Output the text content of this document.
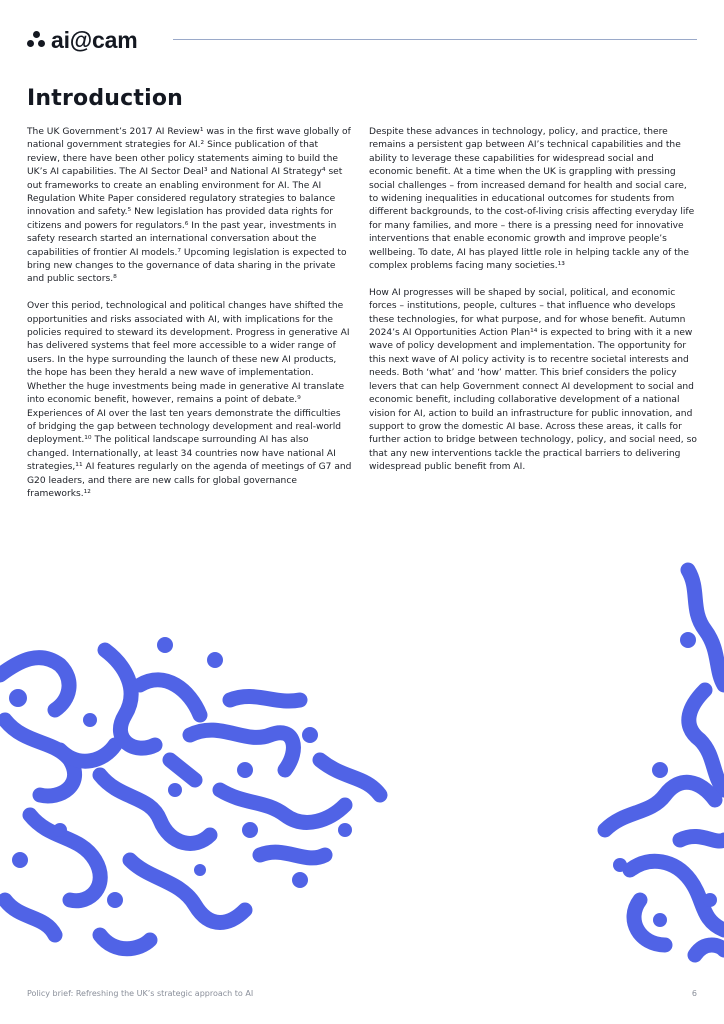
ai@cam
Introduction

The UK Government’s 2017 AI Review¹ was in the first wave globally of national government strategies for AI.² Since publication of that review, there have been other policy statements aiming to build the UK’s AI capabilities. The AI Sector Deal³ and National AI Strategy⁴ set out frameworks to create an enabling environment for AI. The AI Regulation White Paper considered regulatory strategies to balance innovation and safety.⁵ New legislation has provided data rights for citizens and powers for regulators.⁶ In the past year, investments in safety research started an international conversation about the capabilities of frontier AI models.⁷ Upcoming legislation is expected to bring new changes to the governance of data sharing in the private and public sectors.⁸

Over this period, technological and political changes have shifted the opportunities and risks associated with AI, with implications for the policies required to steward its development. Progress in generative AI has delivered systems that feel more accessible to a wider range of users. In the hype surrounding the launch of these new AI products, the hope has been they herald a new wave of implementation. Whether the huge investments being made in generative AI translate into economic benefit, however, remains a point of debate.⁹ Experiences of AI over the last ten years demonstrate the difficulties of bridging the gap between technology development and real-world deployment.¹⁰ The political landscape surrounding AI has also changed. Internationally, at least 34 countries now have national AI strategies,¹¹ AI features regularly on the agenda of meetings of G7 and G20 leaders, and there are new calls for global governance frameworks.¹²

Despite these advances in technology, policy, and practice, there remains a persistent gap between AI’s technical capabilities and the ability to leverage these capabilities for widespread social and economic benefit. At a time when the UK is grappling with pressing social challenges – from increased demand for health and social care, to widening inequalities in educational outcomes for students from different backgrounds, to the cost-of-living crisis affecting everyday life for many families, and more – there is a pressing need for innovative interventions that enable economic growth and improve people’s wellbeing. To date, AI has played little role in helping tackle any of the complex problems facing many societies.¹³

How AI progresses will be shaped by social, political, and economic forces – institutions, people, cultures – that influence who develops these technologies, for what purpose, and for whose benefit. Autumn 2024’s AI Opportunities Action Plan¹⁴ is expected to bring with it a new wave of policy development and implementation. The opportunity for this next wave of AI policy activity is to recentre societal interests and needs. Both ‘what’ and ‘how’ matter. This brief considers the policy levers that can help Government connect AI development to social and economic benefit, including collaborative development of a national vision for AI, action to build an infrastructure for public innovation, and support to grow the domestic AI base. Across these areas, it calls for further action to bridge between technology, policy, and social need, so that any new interventions tackle the practical barriers to delivering widespread public benefit from AI.

Policy brief: Refreshing the UK’s strategic approach to AI	6
